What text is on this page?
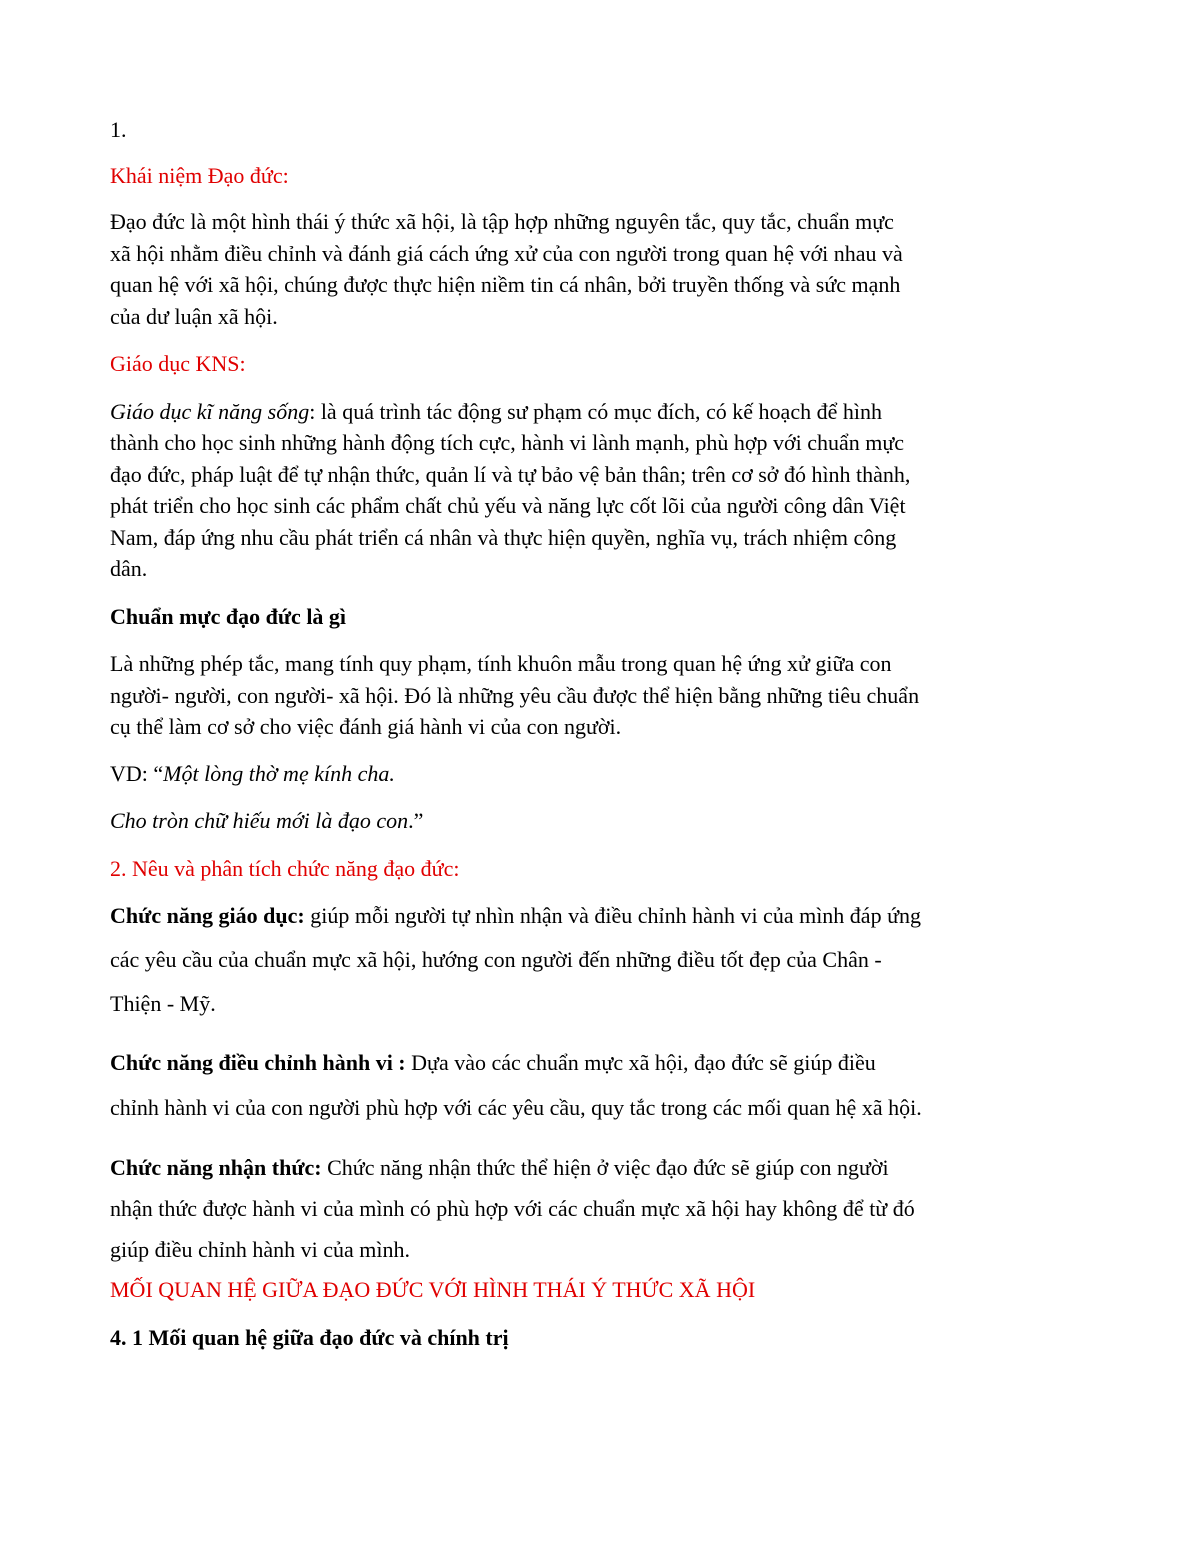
1.

Khái niệm Đạo đức:

Đạo đức là một hình thái ý thức xã hội, là tập hợp những nguyên tắc, quy tắc, chuẩn mực

xã hội nhằm điều chỉnh và đánh giá cách ứng xử của con người trong quan hệ với nhau và

quan hệ với xã hội, chúng được thực hiện niềm tin cá nhân, bởi truyền thống và sức mạnh

của dư luận xã hội.

Giáo dục KNS:

Giáo dục kĩ năng sống: là quá trình tác động sư phạm có mục đích, có kế hoạch để hình

thành cho học sinh những hành động tích cực, hành vi lành mạnh, phù hợp với chuẩn mực

đạo đức, pháp luật để tự nhận thức, quản lí và tự bảo vệ bản thân; trên cơ sở đó hình thành,

phát triển cho học sinh các phẩm chất chủ yếu và năng lực cốt lõi của người công dân Việt

Nam, đáp ứng nhu cầu phát triển cá nhân và thực hiện quyền, nghĩa vụ, trách nhiệm công

dân.

Chuẩn mực đạo đức là gì

Là những phép tắc, mang tính quy phạm, tính khuôn mẫu trong quan hệ ứng xử giữa con

người- người, con người- xã hội. Đó là những yêu cầu được thể hiện bằng những tiêu chuẩn

cụ thể làm cơ sở cho việc đánh giá hành vi của con người.

VD: “Một lòng thờ mẹ kính cha.

Cho tròn chữ hiếu mới là đạo con.”

2. Nêu và phân tích chức năng đạo đức:

Chức năng giáo dục: giúp mỗi người tự nhìn nhận và điều chỉnh hành vi của mình đáp ứng

các yêu cầu của chuẩn mực xã hội, hướng con người đến những điều tốt đẹp của Chân -

Thiện - Mỹ.

Chức năng điều chỉnh hành vi : Dựa vào các chuẩn mực xã hội, đạo đức sẽ giúp điều

chỉnh hành vi của con người phù hợp với các yêu cầu, quy tắc trong các mối quan hệ xã hội.

Chức năng nhận thức: Chức năng nhận thức thể hiện ở việc đạo đức sẽ giúp con người

nhận thức được hành vi của mình có phù hợp với các chuẩn mực xã hội hay không để từ đó

giúp điều chỉnh hành vi của mình.

MỐI QUAN HỆ GIỮA ĐẠO ĐỨC VỚI HÌNH THÁI Ý THỨC XÃ HỘI

4. 1 Mối quan hệ giữa đạo đức và chính trị
